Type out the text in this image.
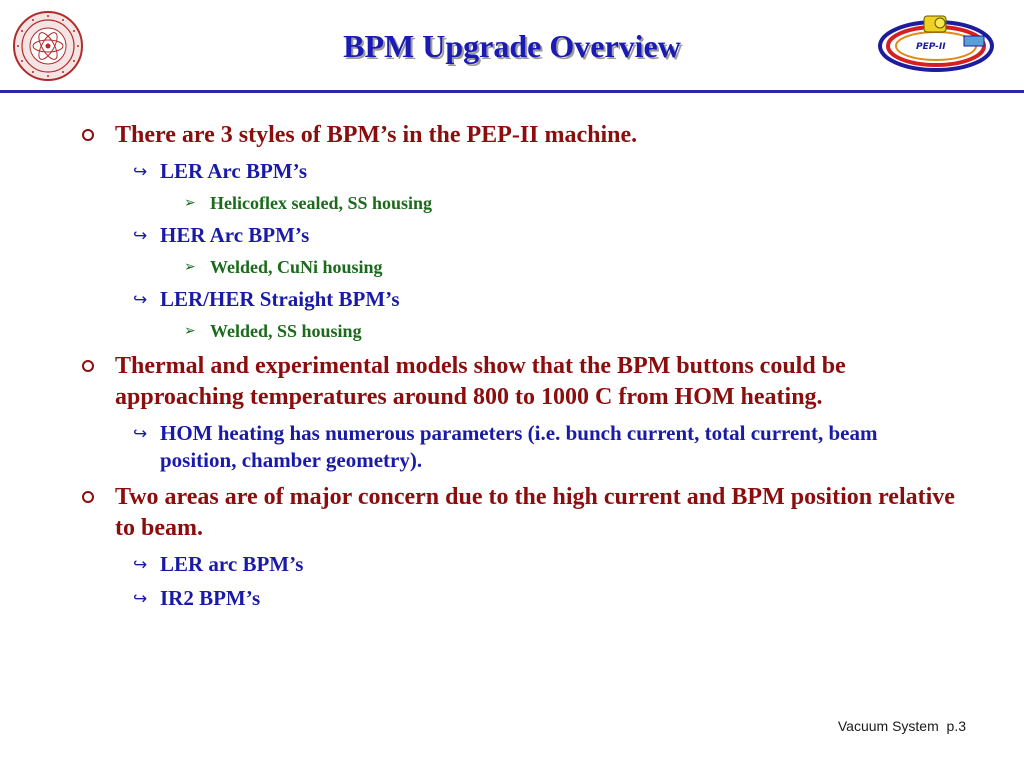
BPM Upgrade Overview	PEP-II
There are 3 styles of BPM’s in the PEP-II machine.
↪ LER Arc BPM’s
➢ Helicoflex sealed, SS housing
↪ HER Arc BPM’s
➢ Welded, CuNi housing
↪ LER/HER Straight BPM’s
➢ Welded, SS housing
Thermal and experimental models show that the BPM buttons could be approaching temperatures around 800 to 1000 C from HOM heating.
↪ HOM heating has numerous parameters (i.e. bunch current, total current, beam position, chamber geometry).
Two areas are of major concern due to the high current and BPM position relative to beam.
↪ LER arc BPM’s
↪ IR2 BPM’s
Vacuum System p.3
